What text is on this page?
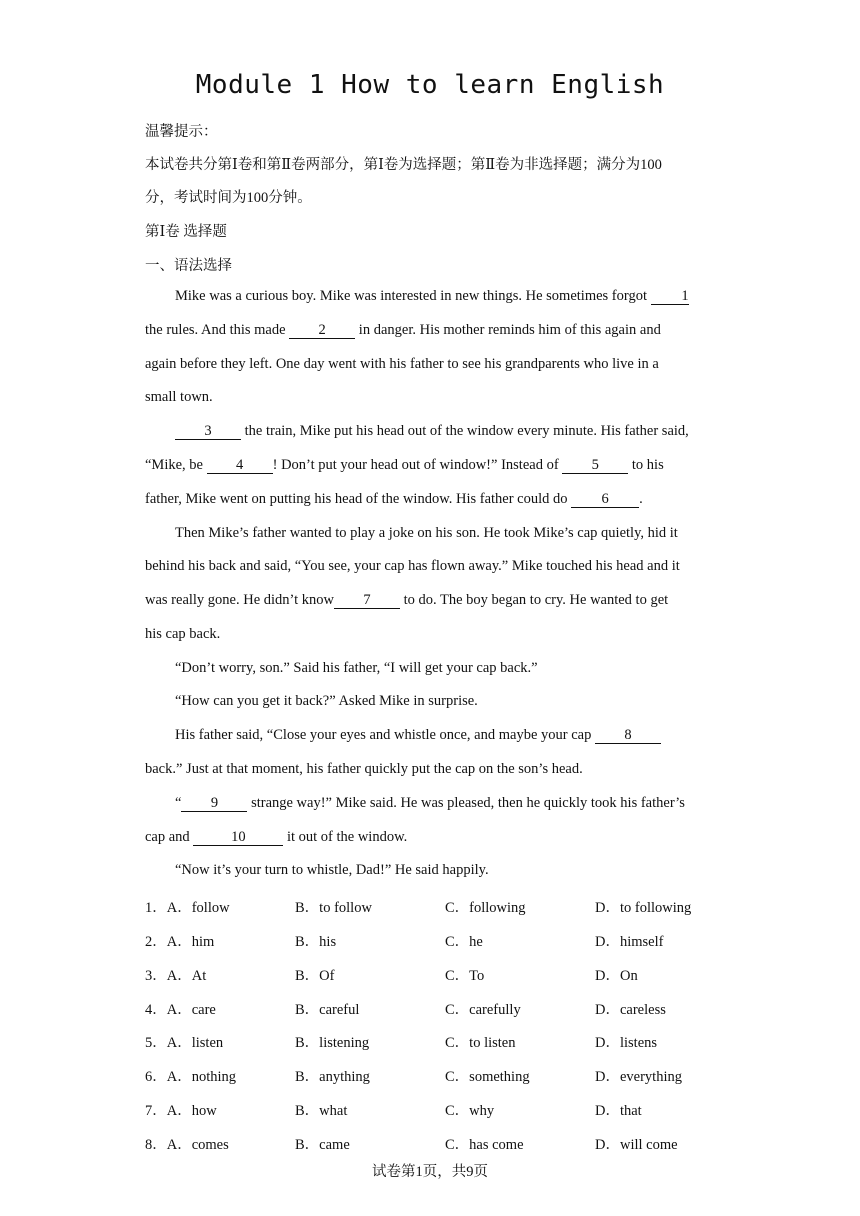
Module 1 How to learn English
温馨提示：
本试卷共分第Ⅰ卷和第Ⅱ卷两部分，第Ⅰ卷为选择题；第Ⅱ卷为非选择题；满分为100
分，考试时间为100分钟。
第Ⅰ卷 选择题
一、语法选择
Mike was a curious boy. Mike was interested in new things. He sometimes forgot 1
the rules. And this made 2 in danger. His mother reminds him of this again and
again before they left. One day went with his father to see his grandparents who live in a
small town.
3 the train, Mike put his head out of the window every minute. His father said,
“Mike, be 4 ! Don’t put your head out of window!” Instead of 5 to his
father, Mike went on putting his head of the window. His father could do 6 .
Then Mike’s father wanted to play a joke on his son. He took Mike’s cap quietly, hid it
behind his back and said, “You see, your cap has flown away.” Mike touched his head and it
was really gone. He didn’t know 7 to do. The boy began to cry. He wanted to get
his cap back.
“Don’t worry, son.” Said his father, “I will get your cap back.”
“How can you get it back?” Asked Mike in surprise.
His father said, “Close your eyes and whistle once, and maybe your cap 8
back.” Just at that moment, his father quickly put the cap on the son’s head.
“ 9 strange way!” Mike said. He was pleased, then he quickly took his father’s
cap and	10	it out of the window.
“Now it’s your turn to whistle, Dad!” He said happily.
1．A．follow	B．to follow	C．following	D．to following
2．A．him	B．his	C．he	D．himself
3．A．At	B．Of	C．To	D．On
4．A．care	B．careful	C．carefully	D．careless
5．A．listen	B．listening	C．to listen	D．listens
6．A．nothing	B．anything	C．something	D．everything
7．A．how	B．what	C．why	D．that
8．A．comes	B．came	C．has come	D．will come
试卷第1页，共9页
